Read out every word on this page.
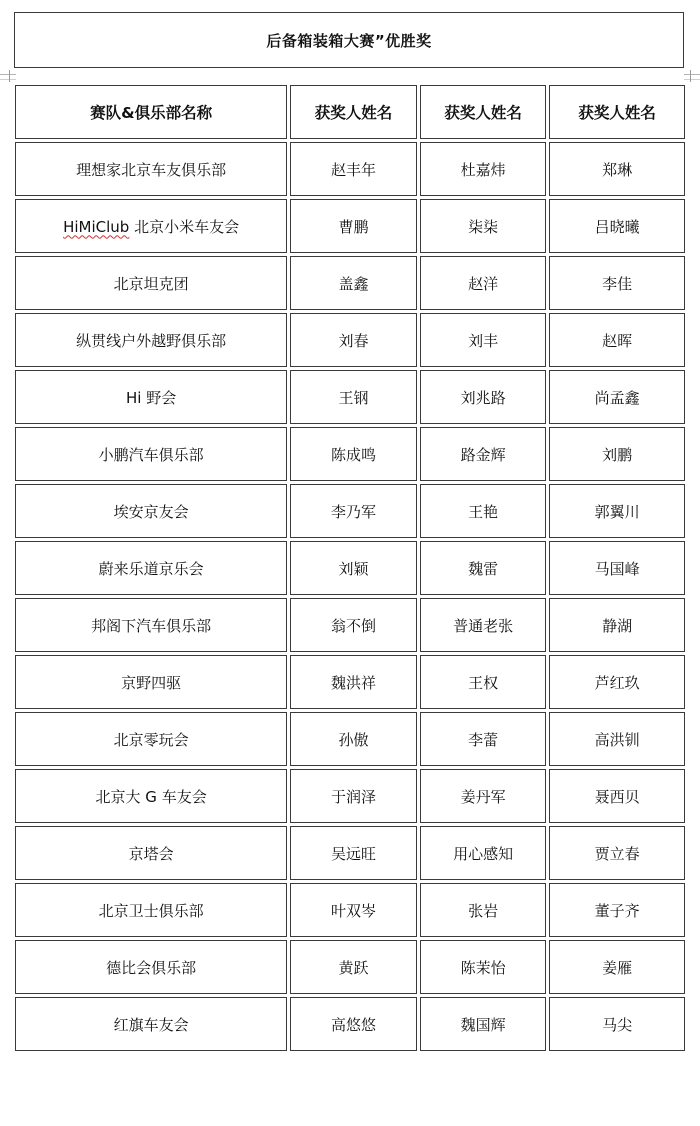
后备箱装箱大赛”优胜奖
赛队&俱乐部名称	获奖人姓名	获奖人姓名	获奖人姓名
理想家北京车友俱乐部	赵丰年	杜嘉炜	郑琳
HiMiClub 北京小米车友会	曹鹏	柒柒	吕晓曦
北京坦克团	盖鑫	赵洋	李佳
纵贯线户外越野俱乐部	刘春	刘丰	赵晖
Hi 野会	王钢	刘兆路	尚孟鑫
小鹏汽车俱乐部	陈成鸣	路金辉	刘鹏
埃安京友会	李乃军	王艳	郭翼川
蔚来乐道京乐会	刘颖	魏雷	马国峰
邦阁下汽车俱乐部	翁不倒	普通老张	静湖
京野四驱	魏洪祥	王权	芦红玖
北京零玩会	孙傲	李蕾	高洪钏
北京大 G 车友会	于润泽	姜丹军	聂西贝
京塔会	吴远旺	用心感知	贾立春
北京卫士俱乐部	叶双岑	张岩	董子齐
德比会俱乐部	黄跃	陈茉怡	姜雁
红旗车友会	高悠悠	魏国辉	马尖
